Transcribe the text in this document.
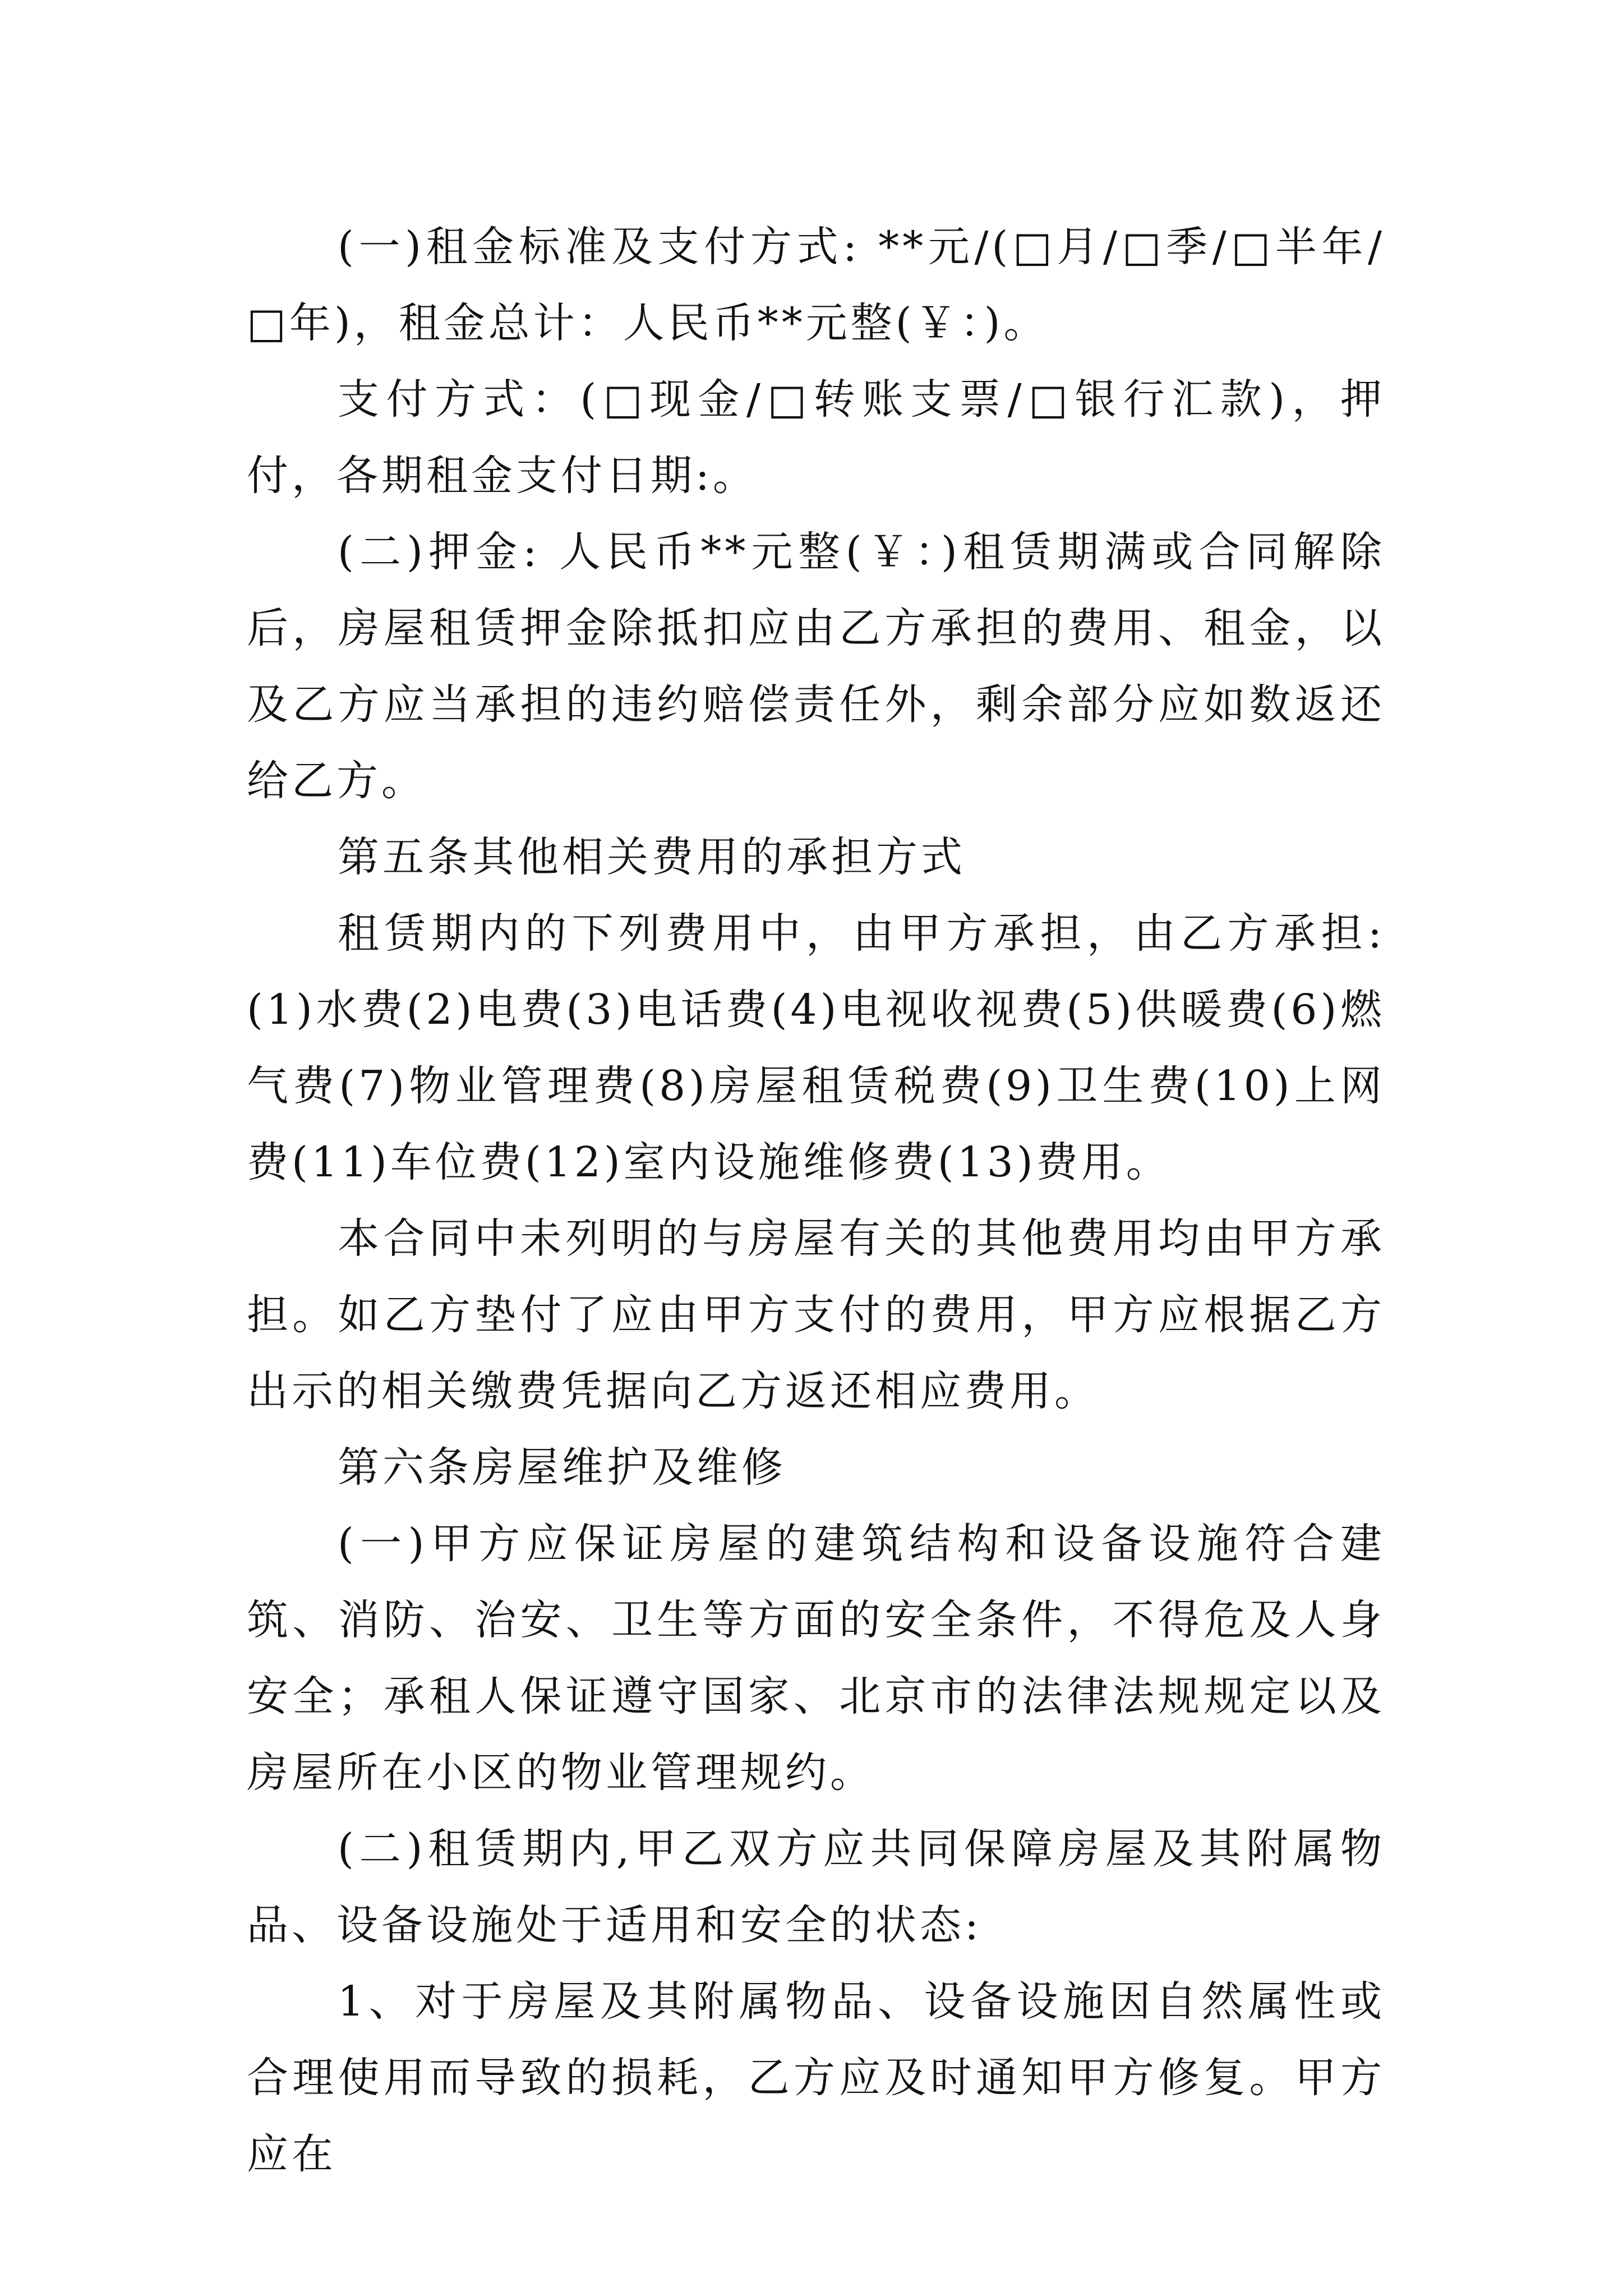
(一)租金标准及支付方式: **元/(□月/□季/□半年/□年)，租金总计：人民币**元整(￥：)。

支付方式：(□现金/□转账支票/□银行汇款)，押付，各期租金支付日期:。

(二)押金: 人民币**元整(￥：)租赁期满或合同解除后，房屋租赁押金除抵扣应由乙方承担的费用、租金，以及乙方应当承担的违约赔偿责任外，剩余部分应如数返还给乙方。

第五条其他相关费用的承担方式

租赁期内的下列费用中，由甲方承担，由乙方承担: (1)水费(2)电费(3)电话费(4)电视收视费(5)供暖费(6)燃气费(7)物业管理费(8)房屋租赁税费(9)卫生费(10)上网费(11)车位费(12)室内设施维修费(13)费用。

本合同中未列明的与房屋有关的其他费用均由甲方承担。如乙方垫付了应由甲方支付的费用，甲方应根据乙方出示的相关缴费凭据向乙方返还相应费用。

第六条房屋维护及维修

(一)甲方应保证房屋的建筑结构和设备设施符合建筑、消防、治安、卫生等方面的安全条件，不得危及人身安全；承租人保证遵守国家、北京市的法律法规规定以及房屋所在小区的物业管理规约。

(二)租赁期内,甲乙双方应共同保障房屋及其附属物品、设备设施处于适用和安全的状态:

1、对于房屋及其附属物品、设备设施因自然属性或合理使用而导致的损耗，乙方应及时通知甲方修复。甲方应在
